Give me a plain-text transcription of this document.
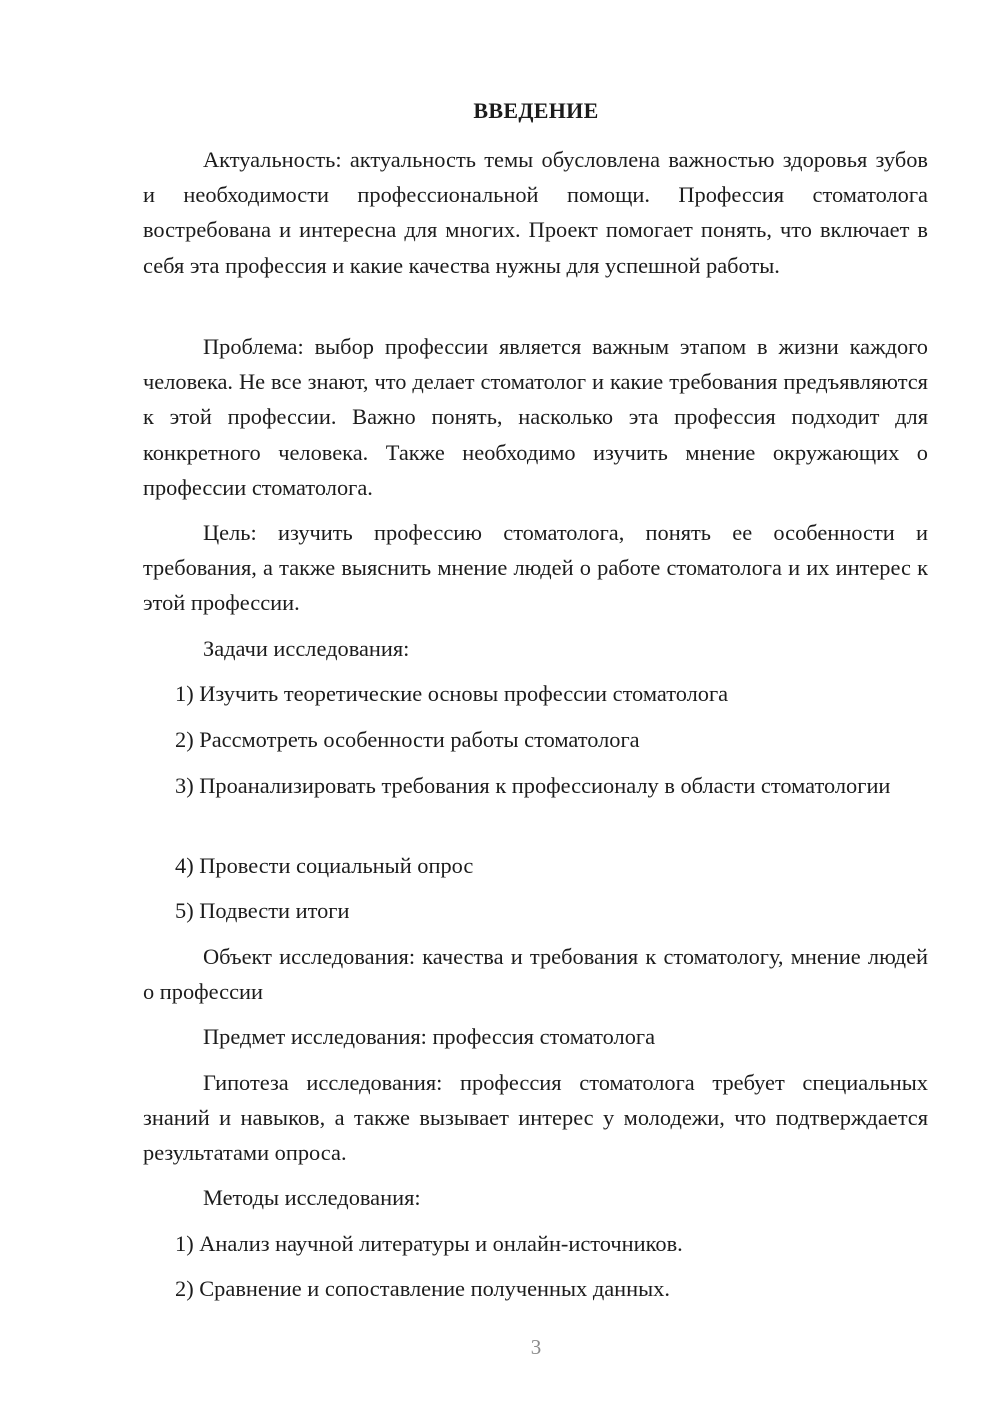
ВВЕДЕНИЕ

Актуальность: актуальность темы обусловлена важностью здоровья зубов и необходимости профессиональной помощи. Профессия стоматолога востребована и интересна для многих. Проект помогает понять, что включает в себя эта профессия и какие качества нужны для успешной работы.

Проблема: выбор профессии является важным этапом в жизни каждого человека. Не все знают, что делает стоматолог и какие требования предъявляются к этой профессии. Важно понять, насколько эта профессия подходит для конкретного человека. Также необходимо изучить мнение окружающих о профессии стоматолога.

Цель: изучить профессию стоматолога, понять ее особенности и требования, а также выяснить мнение людей о работе стоматолога и их интерес к этой профессии.

Задачи исследования:

1) Изучить теоретические основы профессии стоматолога

2) Рассмотреть особенности работы стоматолога

3) Проанализировать требования к профессионалу в области стоматологии

4) Провести социальный опрос

5) Подвести итоги

Объект исследования: качества и требования к стоматологу, мнение людей о профессии

Предмет исследования: профессия стоматолога

Гипотеза исследования: профессия стоматолога требует специальных знаний и навыков, а также вызывает интерес у молодежи, что подтверждается результатами опроса.

Методы исследования:

1) Анализ научной литературы и онлайн-источников.

2) Сравнение и сопоставление полученных данных.

3
